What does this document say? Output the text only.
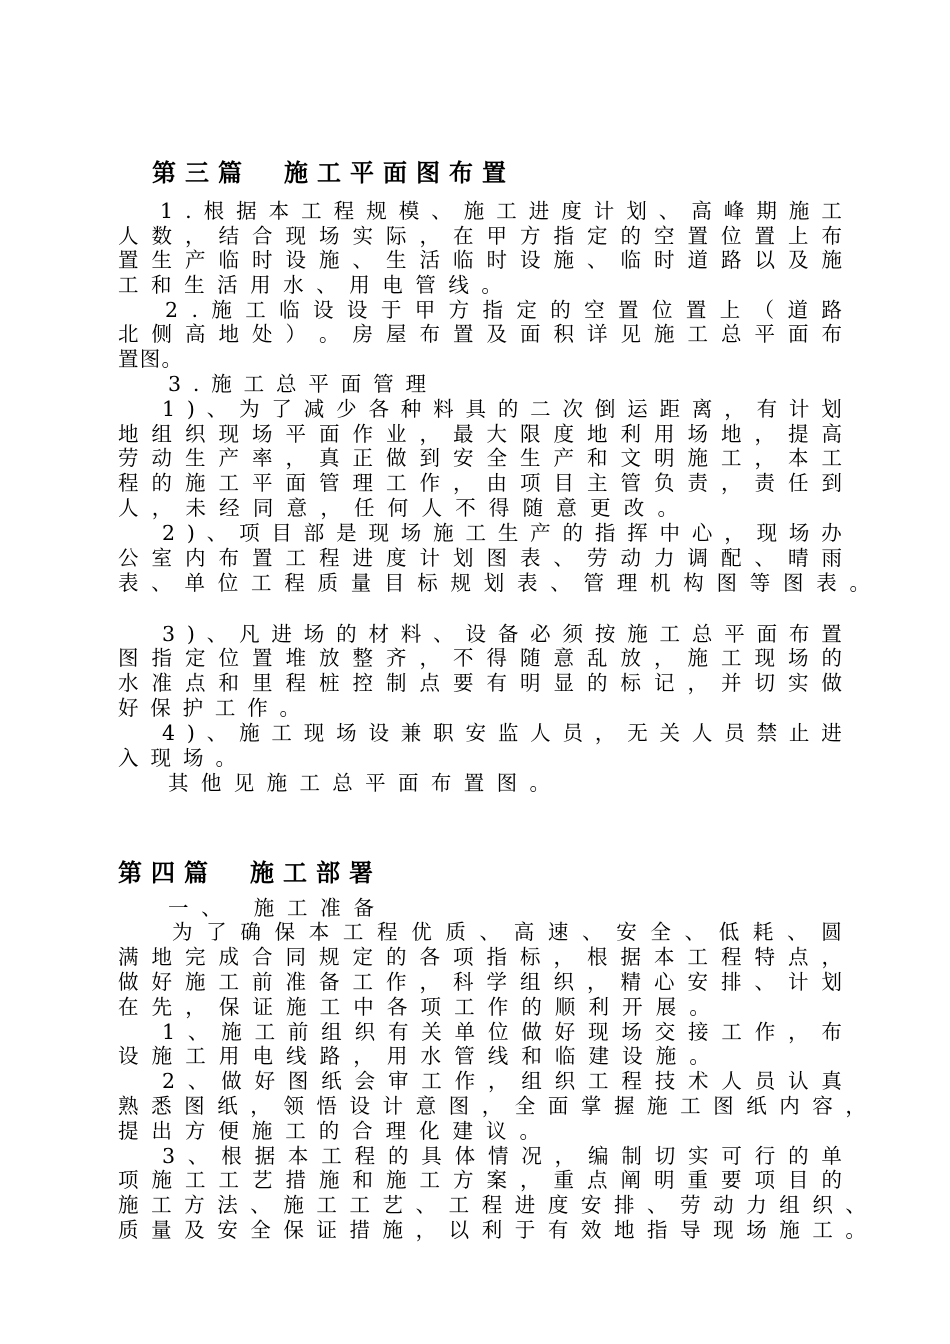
第三篇　施工平面图布置
1 . 根 据 本 工 程 规 模 、 施 工 进 度 计 划 、 高 峰 期 施 工
人 数 ， 结 合 现 场 实 际 ， 在 甲 方 指 定 的 空 置 位 置 上 布
置 生 产 临 时 设 施 、 生 活 临 时 设 施 、 临 时 道 路 以 及 施
工 和 生 活 用 水 、 用 电 管 线 。
2 . 施 工 临 设 设 于 甲 方 指 定 的 空 置 位 置 上 （ 道 路
北 侧 高 地 处 ） 。 房 屋 布 置 及 面 积 详 见 施 工 总 平 面 布
置 图 。
3 . 施 工 总 平 面 管 理
1 ) 、 为 了 减 少 各 种 料 具 的 二 次 倒 运 距 离 ， 有 计 划
地 组 织 现 场 平 面 作 业 ， 最 大 限 度 地 利 用 场 地 ， 提 高
劳 动 生 产 率 ， 真 正 做 到 安 全 生 产 和 文 明 施 工 ， 本 工
程 的 施 工 平 面 管 理 工 作 ， 由 项 目 主 管 负 责 ， 责 任 到
人 ， 未 经 同 意 ， 任 何 人 不 得 随 意 更 改 。
2 ) 、 项 目 部 是 现 场 施 工 生 产 的 指 挥 中 心 ， 现 场 办
公 室 内 布 置 工 程 进 度 计 划 图 表 、 劳 动 力 调 配 、 晴 雨
表 、 单 位 工 程 质 量 目 标 规 划 表 、 管 理 机 构 图 等 图 表 。
3 ) 、 凡 进 场 的 材 料 、 设 备 必 须 按 施 工 总 平 面 布 置
图 指 定 位 置 堆 放 整 齐 ， 不 得 随 意 乱 放 ， 施 工 现 场 的
水 准 点 和 里 程 桩 控 制 点 要 有 明 显 的 标 记 ， 并 切 实 做
好 保 护 工 作 。
4 ) 、 施 工 现 场 设 兼 职 安 监 人 员 ， 无 关 人 员 禁 止 进
入 现 场 。
其 他 见 施 工 总 平 面 布 置 图 。
第四篇　施工部署
一 、
施 工 准 备
为 了 确 保 本 工 程 优 质 、 高 速 、 安 全 、 低 耗 、 圆
满 地 完 成 合 同 规 定 的 各 项 指 标 ， 根 据 本 工 程 特 点 ，
做 好 施 工 前 准 备 工 作 ， 科 学 组 织 ， 精 心 安 排 、 计 划
在 先 ， 保 证 施 工 中 各 项 工 作 的 顺 利 开 展 。
1 、 施 工 前 组 织 有 关 单 位 做 好 现 场 交 接 工 作 ， 布
设 施 工 用 电 线 路 ， 用 水 管 线 和 临 建 设 施 。
2 、 做 好 图 纸 会 审 工 作 ， 组 织 工 程 技 术 人 员 认 真
熟 悉 图 纸 ， 领 悟 设 计 意 图 ， 全 面 掌 握 施 工 图 纸 内 容 ，
提 出 方 便 施 工 的 合 理 化 建 议 。
3 、 根 据 本 工 程 的 具 体 情 况 ， 编 制 切 实 可 行 的 单
项 施 工 工 艺 措 施 和 施 工 方 案 ， 重 点 阐 明 重 要 项 目 的
施 工 方 法 、 施 工 工 艺 、 工 程 进 度 安 排 、 劳 动 力 组 织 、
质 量 及 安 全 保 证 措 施 ， 以 利 于 有 效 地 指 导 现 场 施 工 。
